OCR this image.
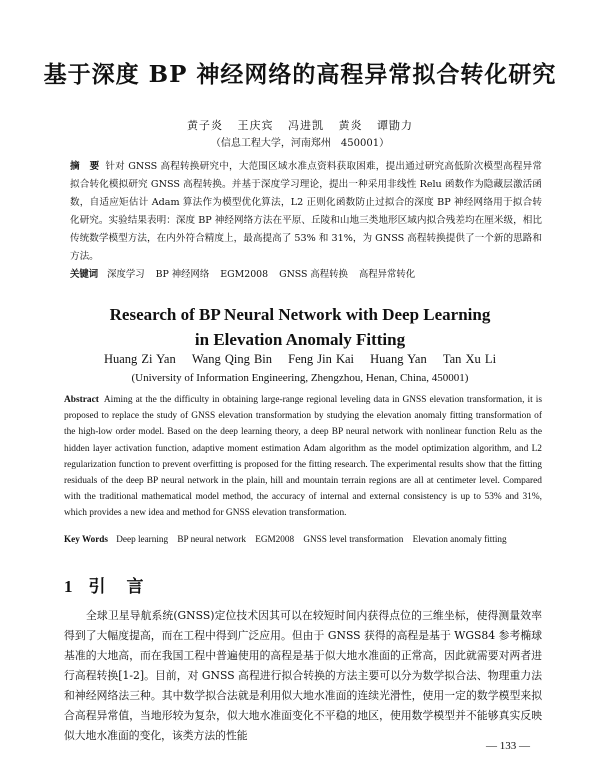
基于深度 BP 神经网络的高程异常拟合转化研究
黄子炎 王庆宾 冯进凯 黄炎 谭勖力
（信息工程大学，河南郑州　450001）
摘　要 针对 GNSS 高程转换研究中，大范围区域水准点资料获取困难，提出通过研究高低阶次模型高程异常拟合转化模拟研究 GNSS 高程转换。并基于深度学习理论，提出一种采用非线性 Relu 函数作为隐藏层激活函数，自适应矩估计 Adam 算法作为模型优化算法，L2 正则化函数防止过拟合的深度 BP 神经网络用于拟合转化研究。实验结果表明：深度 BP 神经网络方法在平原、丘陵和山地三类地形区域内拟合残差均在厘米级，相比传统数学模型方法，在内外符合精度上，最高提高了 53% 和 31%，为 GNSS 高程转换提供了一个新的思路和方法。
关键词 深度学习 BP 神经网络 EGM2008 GNSS 高程转换 高程异常转化
Research of BP Neural Network with Deep Learning
in Elevation Anomaly Fitting
Huang Zi Yan Wang Qing Bin Feng Jin Kai Huang Yan Tan Xu Li
(University of Information Engineering, Zhengzhou, Henan, China, 450001)
Abstract Aiming at the the difficulty in obtaining large-range regional leveling data in GNSS elevation transformation, it is proposed to replace the study of GNSS elevation transformation by studying the elevation anomaly fitting transformation of the high-low order model. Based on the deep learning theory, a deep BP neural network with nonlinear function Relu as the hidden layer activation function, adaptive moment estimation Adam algorithm as the model optimization algorithm, and L2 regularization function to prevent overfitting is proposed for the fitting research. The experimental results show that the fitting residuals of the deep BP neural network in the plain, hill and mountain terrain regions are all at centimeter level. Compared with the traditional mathematical model method, the accuracy of internal and external consistency is up to 53% and 31%, which provides a new idea and method for GNSS elevation transformation.
Key Words Deep learning BP neural network EGM2008 GNSS level transformation Elevation anomaly fitting
1 引　言
全球卫星导航系统(GNSS)定位技术因其可以在较短时间内获得点位的三维坐标，使得测量效率得到了大幅度提高，而在工程中得到广泛应用。但由于 GNSS 获得的高程是基于 WGS84 参考椭球基准的大地高，而在我国工程中普遍使用的高程是基于似大地水准面的正常高，因此就需要对两者进行高程转换[1-2]。目前，对 GNSS 高程进行拟合转换的方法主要可以分为数学拟合法、物理重力法和神经网络法三种。其中数学拟合法就是利用似大地水准面的连续光滑性，使用一定的数学模型来拟合高程异常值，当地形较为复杂，似大地水准面变化不平稳的地区，使用数学模型并不能够真实反映似大地水准面的变化，该类方法的性能
— 133 —
